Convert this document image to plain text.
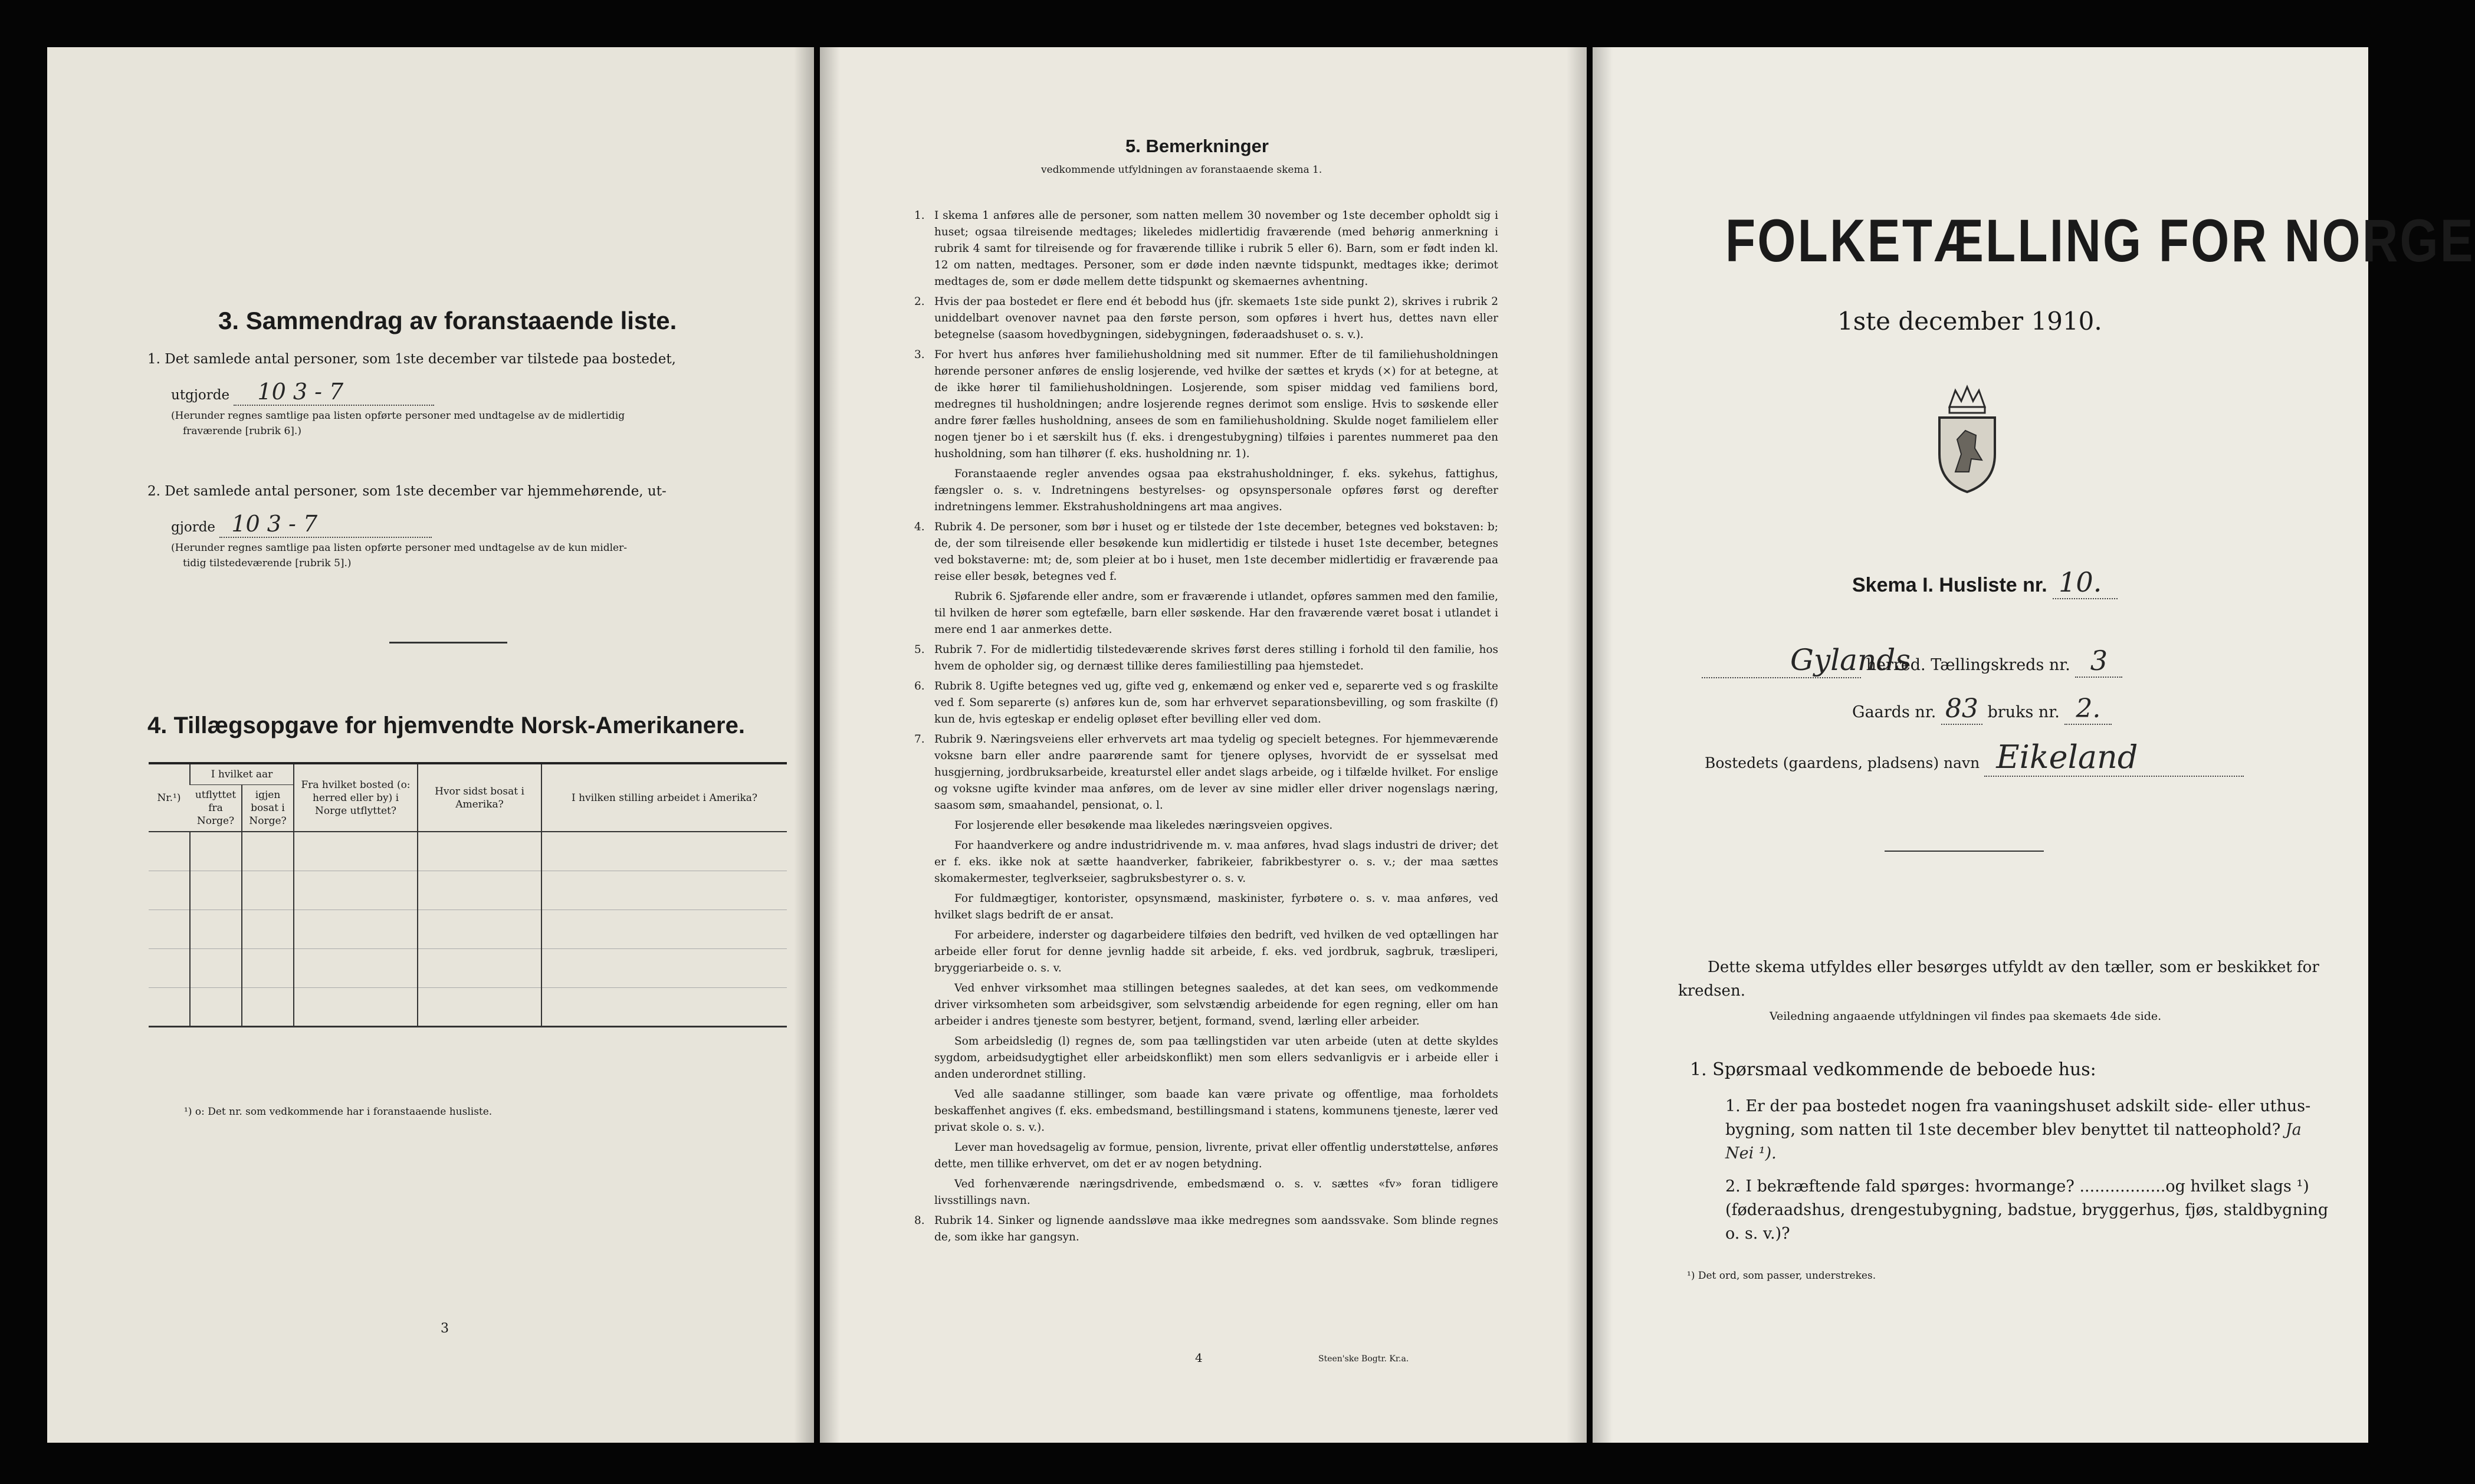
3. Sammendrag av foranstaaende liste.
1. Det samlede antal personer, som 1ste december var tilstede paa bostedet,
utgjorde 10 3 - 7
(Herunder regnes samtlige paa listen opførte personer med undtagelse av de midlertidig
fraværende [rubrik 6].)
2. Det samlede antal personer, som 1ste december var hjemmehørende, ut-
gjorde 10 3 - 7
(Herunder regnes samtlige paa listen opførte personer med undtagelse av de kun midler-
tidig tilstedeværende [rubrik 5].)
4. Tillægsopgave for hjemvendte Norsk-Amerikanere.
Nr.¹)	I hvilket aar		Fra hvilket bosted (o: herred eller by) i Norge utflyttet?	Hvor sidst bosat i Amerika?	I hvilken stilling arbeidet i Amerika?
	utflyttet fra Norge?	igjen bosat i Norge?			

¹) o: Det nr. som vedkommende har i foranstaaende husliste.
3
5. Bemerkninger
vedkommende utfyldningen av foranstaaende skema 1.

1. I skema 1 anføres alle de personer, som natten mellem 30 november og 1ste december opholdt sig i huset; ogsaa tilreisende medtages; likeledes midlertidig fraværende (med behørig anmerkning i rubrik 4 samt for tilreisende og for fraværende tillike i rubrik 5 eller 6). Barn, som er født inden kl. 12 om natten, medtages. Personer, som er døde inden nævnte tidspunkt, medtages ikke; derimot medtages de, som er døde mellem dette tidspunkt og skemaernes avhentning.

2. Hvis der paa bostedet er flere end ét bebodd hus (jfr. skemaets 1ste side punkt 2), skrives i rubrik 2 uniddelbart ovenover navnet paa den første person, som opføres i hvert hus, dettes navn eller betegnelse (saasom hovedbygningen, sidebygningen, føderaadshuset o. s. v.).

3. For hvert hus anføres hver familiehusholdning med sit nummer. Efter de til familiehusholdningen hørende personer anføres de enslig losjerende, ved hvilke der sættes et kryds (×) for at betegne, at de ikke hører til familiehusholdningen. Losjerende, som spiser middag ved familiens bord, medregnes til husholdningen; andre losjerende regnes derimot som enslige. Hvis to søskende eller andre fører fælles husholdning, ansees de som en familiehusholdning. Skulde noget familielem eller nogen tjener bo i et særskilt hus (f. eks. i drengestubygning) tilføies i parentes nummeret paa den husholdning, som han tilhører (f. eks. husholdning nr. 1).

Foranstaaende regler anvendes ogsaa paa ekstrahusholdninger, f. eks. sykehus, fattighus, fængsler o. s. v. Indretningens bestyrelses- og opsynspersonale opføres først og derefter indretningens lemmer. Ekstrahusholdningens art maa angives.

4. Rubrik 4. De personer, som bør i huset og er tilstede der 1ste december, betegnes ved bokstaven: b; de, der som tilreisende eller besøkende kun midlertidig er tilstede i huset 1ste december, betegnes ved bokstaverne: mt; de, som pleier at bo i huset, men 1ste december midlertidig er fraværende paa reise eller besøk, betegnes ved f.

Rubrik 6. Sjøfarende eller andre, som er fraværende i utlandet, opføres sammen med den familie, til hvilken de hører som egtefælle, barn eller søskende. Har den fraværende været bosat i utlandet i mere end 1 aar anmerkes dette.

5. Rubrik 7. For de midlertidig tilstedeværende skrives først deres stilling i forhold til den familie, hos hvem de opholder sig, og dernæst tillike deres familiestilling paa hjemstedet.

6. Rubrik 8. Ugifte betegnes ved ug, gifte ved g, enkemænd og enker ved e, separerte ved s og fraskilte ved f. Som separerte (s) anføres kun de, som har erhvervet separationsbevilling, og som fraskilte (f) kun de, hvis egteskap er endelig opløset efter bevilling eller ved dom.

7. Rubrik 9. Næringsveiens eller erhvervets art maa tydelig og specielt betegnes. For hjemmeværende voksne barn eller andre paarørende samt for tjenere oplyses, hvorvidt de er sysselsat med husgjerning, jordbruksarbeide, kreaturstel eller andet slags arbeide, og i tilfælde hvilket. For enslige og voksne ugifte kvinder maa anføres, om de lever av sine midler eller driver nogenslags næring, saasom søm, smaahandel, pensionat, o. l.

For losjerende eller besøkende maa likeledes næringsveien opgives.

For haandverkere og andre industridrivende m. v. maa anføres, hvad slags industri de driver; det er f. eks. ikke nok at sætte haandverker, fabrikeier, fabrikbestyrer o. s. v.; der maa sættes skomakermester, teglverkseier, sagbruksbestyrer o. s. v.

For fuldmægtiger, kontorister, opsynsmænd, maskinister, fyrbøtere o. s. v. maa anføres, ved hvilket slags bedrift de er ansat.

For arbeidere, inderster og dagarbeidere tilføies den bedrift, ved hvilken de ved optællingen har arbeide eller forut for denne jevnlig hadde sit arbeide, f. eks. ved jordbruk, sagbruk, træsliperi, bryggeriarbeide o. s. v.

Ved enhver virksomhet maa stillingen betegnes saaledes, at det kan sees, om vedkommende driver virksomheten som arbeidsgiver, som selvstændig arbeidende for egen regning, eller om han arbeider i andres tjeneste som bestyrer, betjent, formand, svend, lærling eller arbeider.

Som arbeidsledig (l) regnes de, som paa tællingstiden var uten arbeide (uten at dette skyldes sygdom, arbeidsudygtighet eller arbeidskonflikt) men som ellers sedvanligvis er i arbeide eller i anden underordnet stilling.

Ved alle saadanne stillinger, som baade kan være private og offentlige, maa forholdets beskaffenhet angives (f. eks. embedsmand, bestillingsmand i statens, kommunens tjeneste, lærer ved privat skole o. s. v.).

Lever man hovedsagelig av formue, pension, livrente, privat eller offentlig understøttelse, anføres dette, men tillike erhvervet, om det er av nogen betydning.

Ved forhenværende næringsdrivende, embedsmænd o. s. v. sættes «fv» foran tidligere livsstillings navn.

8. Rubrik 14. Sinker og lignende aandssløve maa ikke medregnes som aandssvake. Som blinde regnes de, som ikke har gangsyn.

4	Steen'ske Bogtr. Kr.a.
FOLKETÆLLING FOR NORGE
1ste december 1910.
Skema I. Husliste nr. 10.
Gylands herred. Tællingskreds nr. 3
Gaards nr. 83 bruks nr. 2.
Bostedets (gaardens, pladsens) navn Eikeland
Dette skema utfyldes eller besørges utfyldt av den tæller, som er beskikket for kredsen.
Veiledning angaaende utfyldningen vil findes paa skemaets 4de side.
1. Spørsmaal vedkommende de beboede hus:
1. Er der paa bostedet nogen fra vaaningshuset adskilt side- eller uthus-bygning, som natten til 1ste december blev benyttet til natteophold? Ja Nei ¹).
2. I bekræftende fald spørges: hvormange? .................og hvilket slags ¹) (føderaadshus, drengestubygning, badstue, bryggerhus, fjøs, staldbygning o. s. v.)?
¹) Det ord, som passer, understrekes.
